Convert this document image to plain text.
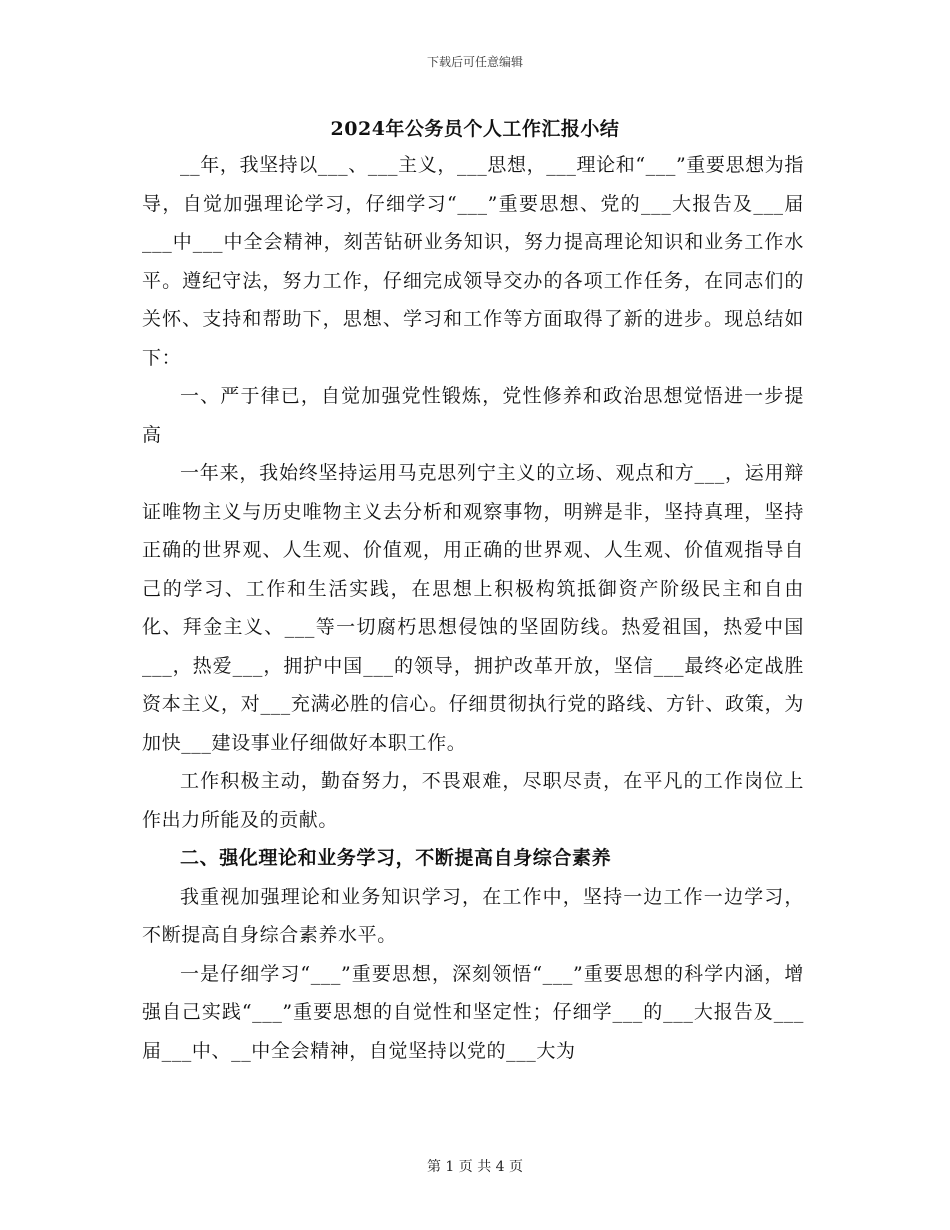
下载后可任意编辑
2024年公务员个人工作汇报小结

__年，我坚持以___、___主义，___思想，___理论和“___”重要思想为指导，自觉加强理论学习，仔细学习“___”重要思想、党的___大报告及___届___中___中全会精神，刻苦钻研业务知识，努力提高理论知识和业务工作水平。遵纪守法，努力工作，仔细完成领导交办的各项工作任务，在同志们的关怀、支持和帮助下，思想、学习和工作等方面取得了新的进步。现总结如下：

一、严于律已，自觉加强党性锻炼，党性修养和政治思想觉悟进一步提高

一年来，我始终坚持运用马克思列宁主义的立场、观点和方___，运用辩证唯物主义与历史唯物主义去分析和观察事物，明辨是非，坚持真理，坚持正确的世界观、人生观、价值观，用正确的世界观、人生观、价值观指导自己的学习、工作和生活实践，在思想上积极构筑抵御资产阶级民主和自由化、拜金主义、___等一切腐朽思想侵蚀的坚固防线。热爱祖国，热爱中国___，热爱___，拥护中国___的领导，拥护改革开放，坚信___最终必定战胜资本主义，对___充满必胜的信心。仔细贯彻执行党的路线、方针、政策，为加快___建设事业仔细做好本职工作。

工作积极主动，勤奋努力，不畏艰难，尽职尽责，在平凡的工作岗位上作出力所能及的贡献。

二、强化理论和业务学习，不断提高自身综合素养

我重视加强理论和业务知识学习，在工作中，坚持一边工作一边学习，不断提高自身综合素养水平。

一是仔细学习“___”重要思想，深刻领悟“___”重要思想的科学内涵，增强自己实践“___”重要思想的自觉性和坚定性；仔细学___的___大报告及___届___中、__中全会精神，自觉坚持以党的___大为

第 1 页 共 4 页
